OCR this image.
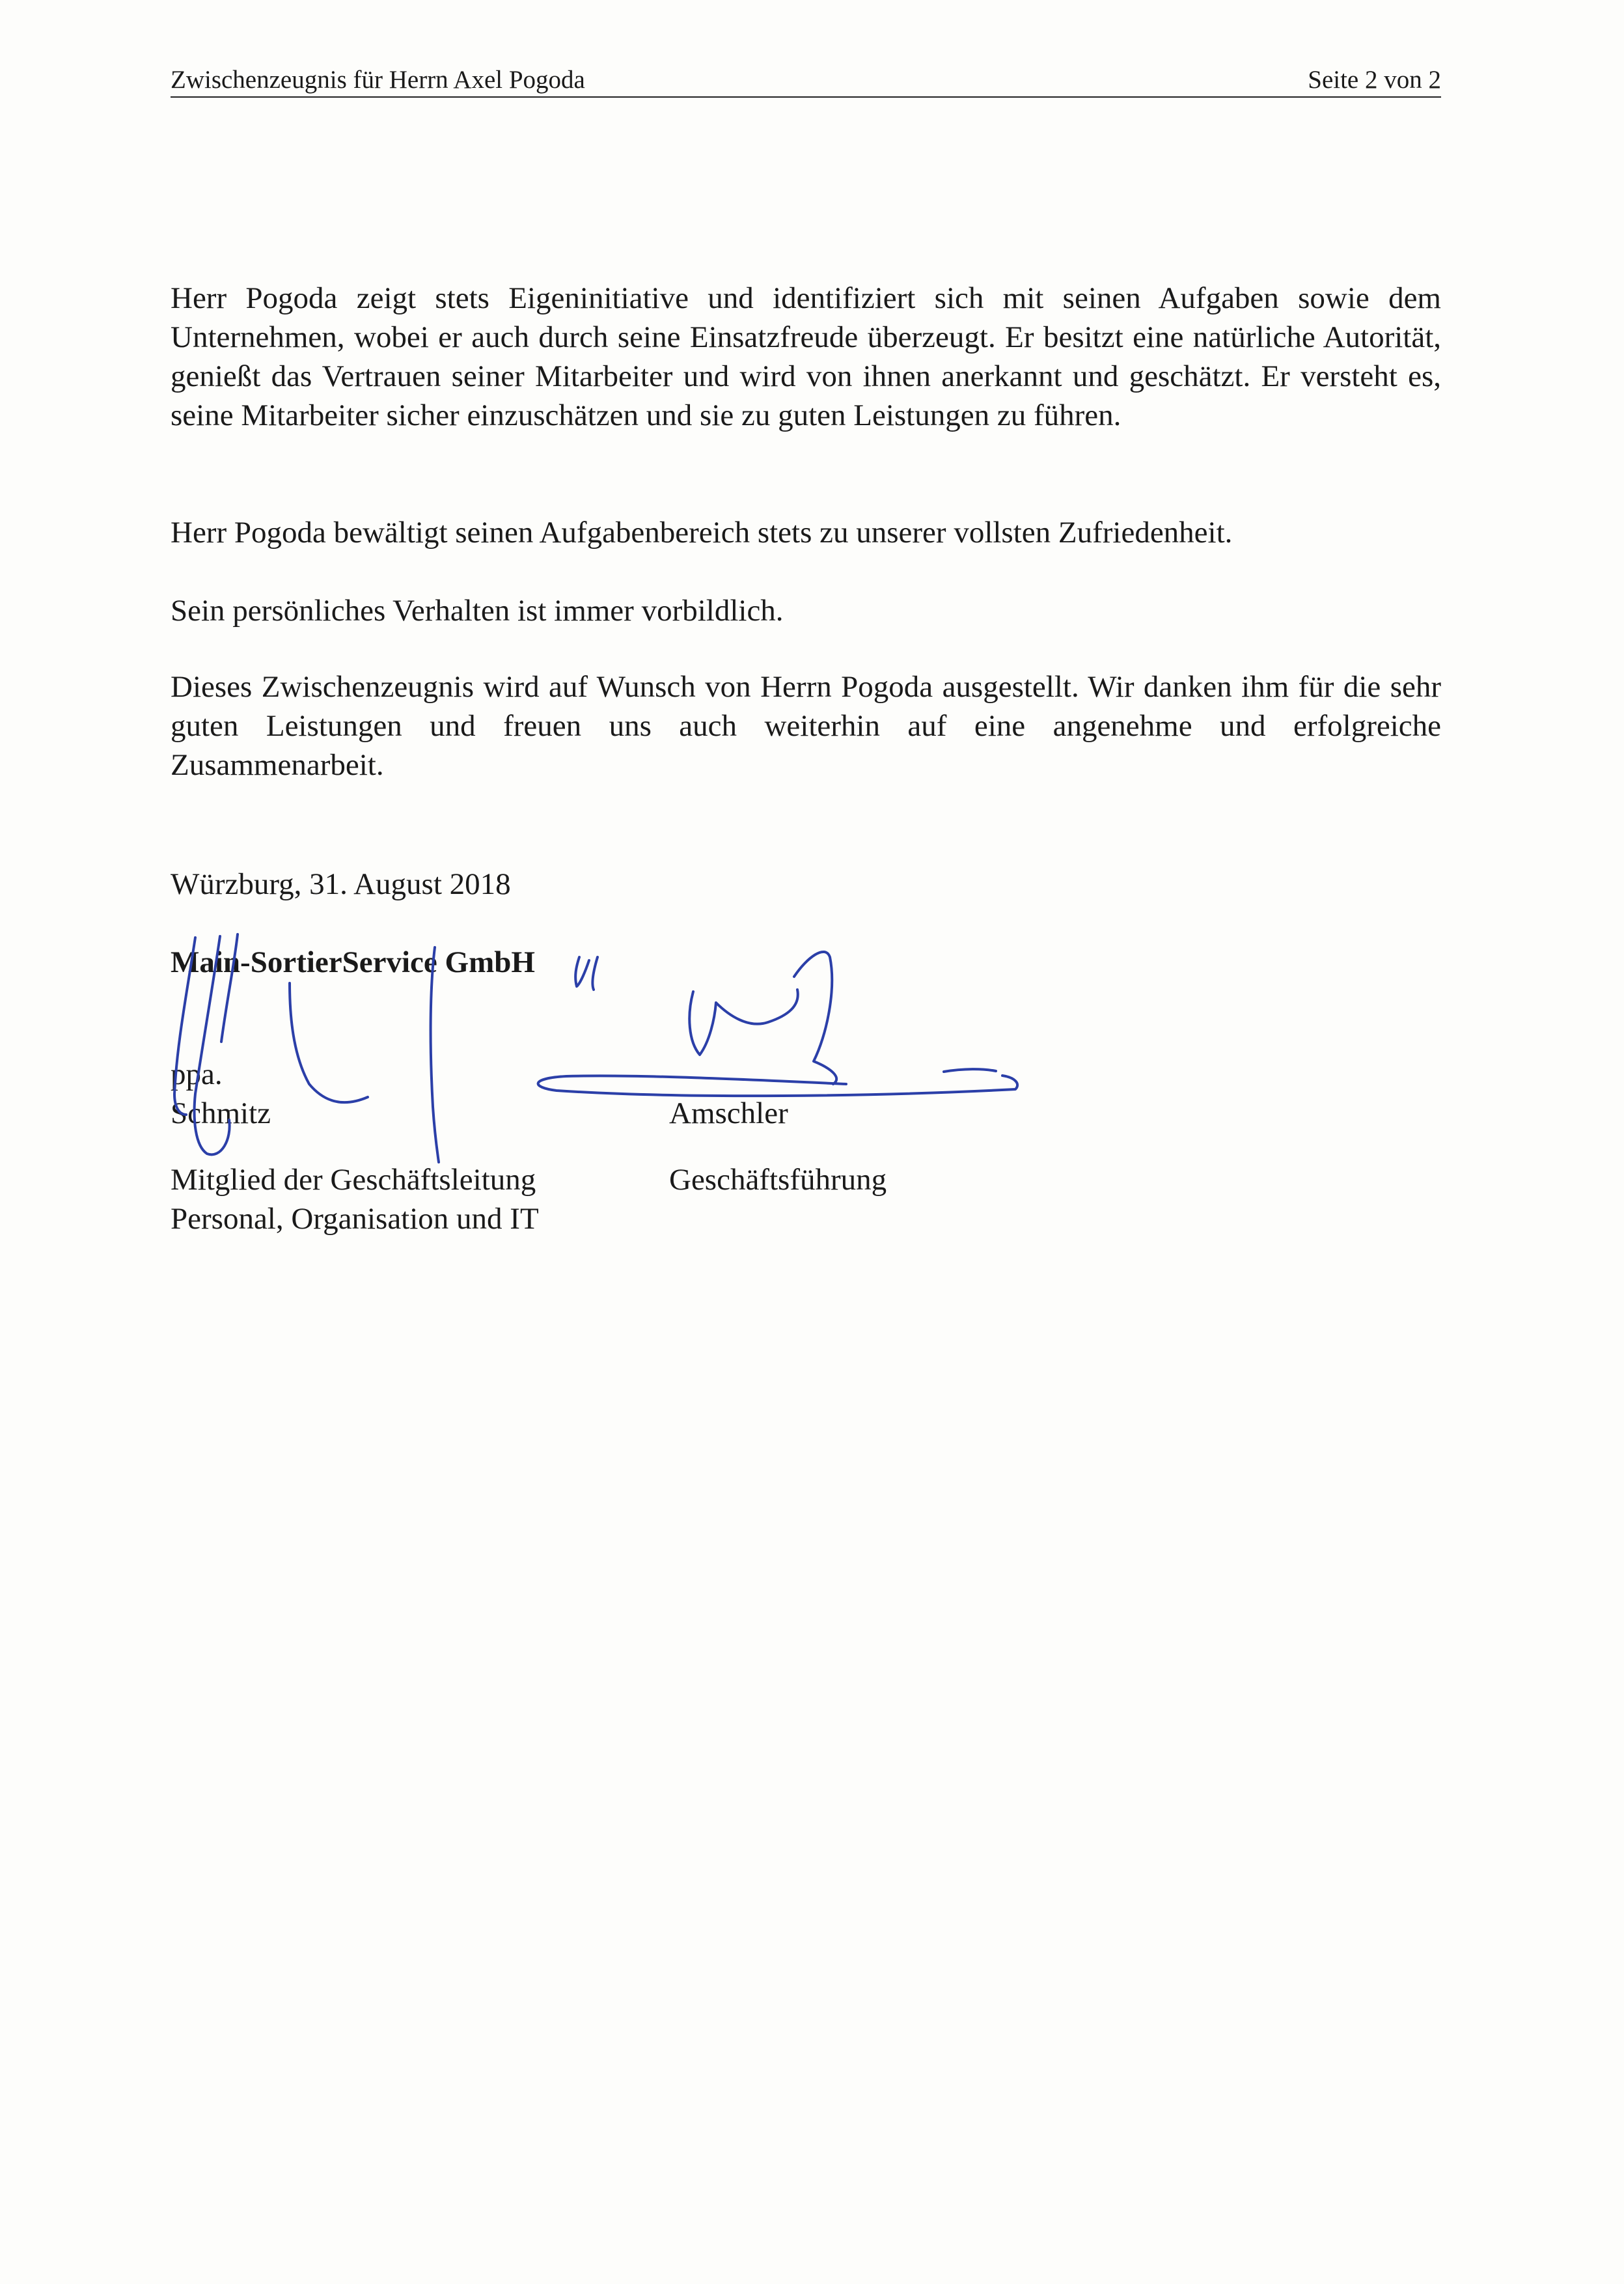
Zwischenzeugnis für Herrn Axel Pogoda	Seite 2 von 2

Herr Pogoda zeigt stets Eigeninitiative und identifiziert sich mit seinen Aufgaben sowie dem Unternehmen, wobei er auch durch seine Einsatzfreude überzeugt. Er besitzt eine natürliche Autorität, genießt das Vertrauen seiner Mitarbeiter und wird von ihnen anerkannt und geschätzt. Er versteht es, seine Mitarbeiter sicher einzuschätzen und sie zu guten Leistungen zu führen.

Herr Pogoda bewältigt seinen Aufgabenbereich stets zu unserer vollsten Zufriedenheit.

Sein persönliches Verhalten ist immer vorbildlich.

Dieses Zwischenzeugnis wird auf Wunsch von Herrn Pogoda ausgestellt. Wir danken ihm für die sehr guten Leistungen und freuen uns auch weiterhin auf eine angenehme und erfolgreiche Zusammenarbeit.

Würzburg, 31. August 2018

Main-SortierService GmbH

ppa.
Schmitz
Mitglied der Geschäftsleitung
Personal, Organisation und IT
Amschler
Geschäftsführung
